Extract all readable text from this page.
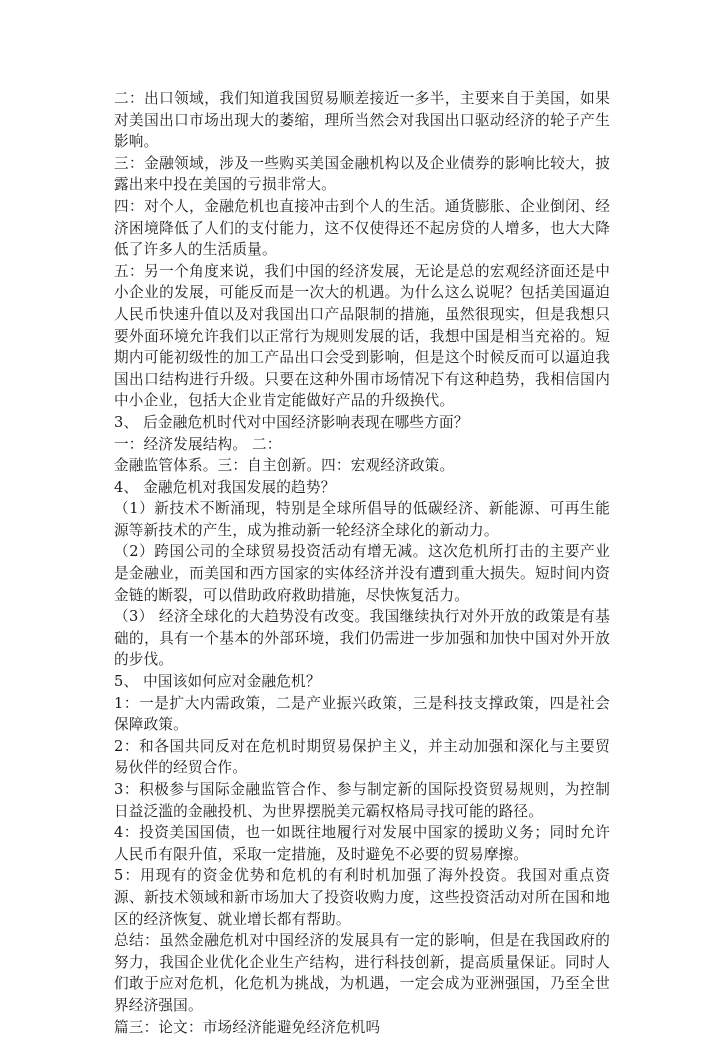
二：出口领域，我们知道我国贸易顺差接近一多半，主要来自于美国，如果对美国出口市场出现大的萎缩，理所当然会对我国出口驱动经济的轮子产生影响。

三：金融领域，涉及一些购买美国金融机构以及企业债券的影响比较大，披露出来中投在美国的亏损非常大。

四：对个人，金融危机也直接冲击到个人的生活。通货膨胀、企业倒闭、经济困境降低了人们的支付能力，这不仅使得还不起房贷的人增多，也大大降低了许多人的生活质量。

五：另一个角度来说，我们中国的经济发展，无论是总的宏观经济面还是中小企业的发展，可能反而是一次大的机遇。为什么这么说呢？包括美国逼迫人民币快速升值以及对我国出口产品限制的措施，虽然很现实，但是我想只要外面环境允许我们以正常行为规则发展的话，我想中国是相当充裕的。短期内可能初级性的加工产品出口会受到影响，但是这个时候反而可以逼迫我国出口结构进行升级。只要在这种外围市场情况下有这种趋势，我相信国内中小企业，包括大企业肯定能做好产品的升级换代。

3、 后金融危机时代对中国经济影响表现在哪些方面？

一：经济发展结构。 二：

金融监管体系。三：自主创新。四：宏观经济政策。

4、 金融危机对我国发展的趋势？

（1）新技术不断涌现，特别是全球所倡导的低碳经济、新能源、可再生能源等新技术的产生，成为推动新一轮经济全球化的新动力。

（2）跨国公司的全球贸易投资活动有增无减。这次危机所打击的主要产业是金融业，而美国和西方国家的实体经济并没有遭到重大损失。短时间内资金链的断裂，可以借助政府救助措施，尽快恢复活力。

（3） 经济全球化的大趋势没有改变。我国继续执行对外开放的政策是有基础的，具有一个基本的外部环境，我们仍需进一步加强和加快中国对外开放的步伐。

5、 中国该如何应对金融危机？

1：一是扩大内需政策，二是产业振兴政策，三是科技支撑政策，四是社会保障政策。

2：和各国共同反对在危机时期贸易保护主义，并主动加强和深化与主要贸易伙伴的经贸合作。

3：积极参与国际金融监管合作、参与制定新的国际投资贸易规则，为控制日益泛滥的金融投机、为世界摆脱美元霸权格局寻找可能的路径。

4：投资美国国债，也一如既往地履行对发展中国家的援助义务；同时允许人民币有限升值，采取一定措施，及时避免不必要的贸易摩擦。

5：用现有的资金优势和危机的有利时机加强了海外投资。我国对重点资源、新技术领域和新市场加大了投资收购力度，这些投资活动对所在国和地区的经济恢复、就业增长都有帮助。

总结：虽然金融危机对中国经济的发展具有一定的影响，但是在我国政府的努力，我国企业优化企业生产结构，进行科技创新，提高质量保证。同时人们敢于应对危机，化危机为挑战，为机遇，一定会成为亚洲强国，乃至全世界经济强国。

篇三：论文：市场经济能避免经济危机吗
